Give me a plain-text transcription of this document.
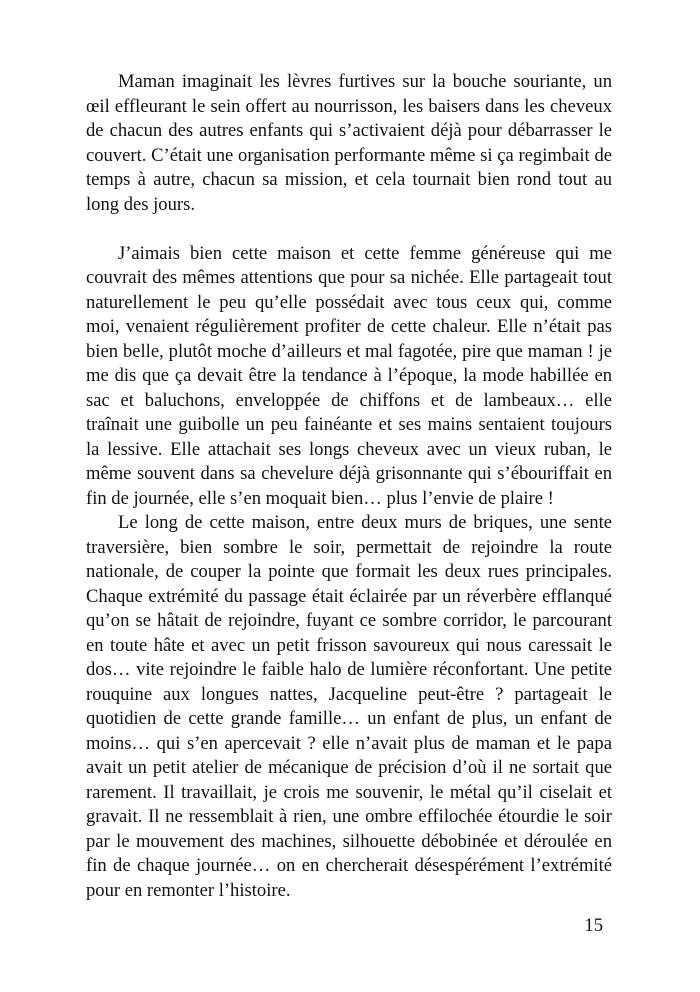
Maman imaginait les lèvres furtives sur la bouche souriante, un œil effleurant le sein offert au nourrisson, les baisers dans les cheveux de chacun des autres enfants qui s’activaient déjà pour débarrasser le couvert. C’était une organisation performante même si ça regimbait de temps à autre, chacun sa mission, et cela tournait bien rond tout au long des jours.

J’aimais bien cette maison et cette femme généreuse qui me couvrait des mêmes attentions que pour sa nichée. Elle partageait tout naturellement le peu qu’elle possédait avec tous ceux qui, comme moi, venaient régulièrement profiter de cette chaleur. Elle n’était pas bien belle, plutôt moche d’ailleurs et mal fagotée, pire que maman ! je me dis que ça devait être la tendance à l’époque, la mode habillée en sac et baluchons, enveloppée de chiffons et de lambeaux… elle traînait une guibolle un peu fainéante et ses mains sentaient toujours la lessive. Elle attachait ses longs cheveux avec un vieux ruban, le même souvent dans sa chevelure déjà grisonnante qui s’ébouriffait en fin de journée, elle s’en moquait bien… plus l’envie de plaire !

Le long de cette maison, entre deux murs de briques, une sente traversière, bien sombre le soir, permettait de rejoindre la route nationale, de couper la pointe que formait les deux rues principales. Chaque extrémité du passage était éclairée par un réverbère efflanqué qu’on se hâtait de rejoindre, fuyant ce sombre corridor, le parcourant en toute hâte et avec un petit frisson savoureux qui nous caressait le dos… vite rejoindre le faible halo de lumière réconfortant. Une petite rouquine aux longues nattes, Jacqueline peut-être ? partageait le quotidien de cette grande famille… un enfant de plus, un enfant de moins… qui s’en apercevait ? elle n’avait plus de maman et le papa avait un petit atelier de mécanique de précision d’où il ne sortait que rarement. Il travaillait, je crois me souvenir, le métal qu’il ciselait et gravait. Il ne ressemblait à rien, une ombre effilochée étourdie le soir par le mouvement des machines, silhouette débobinée et déroulée en fin de chaque journée… on en chercherait désespérément l’extrémité pour en remonter l’histoire.

15
